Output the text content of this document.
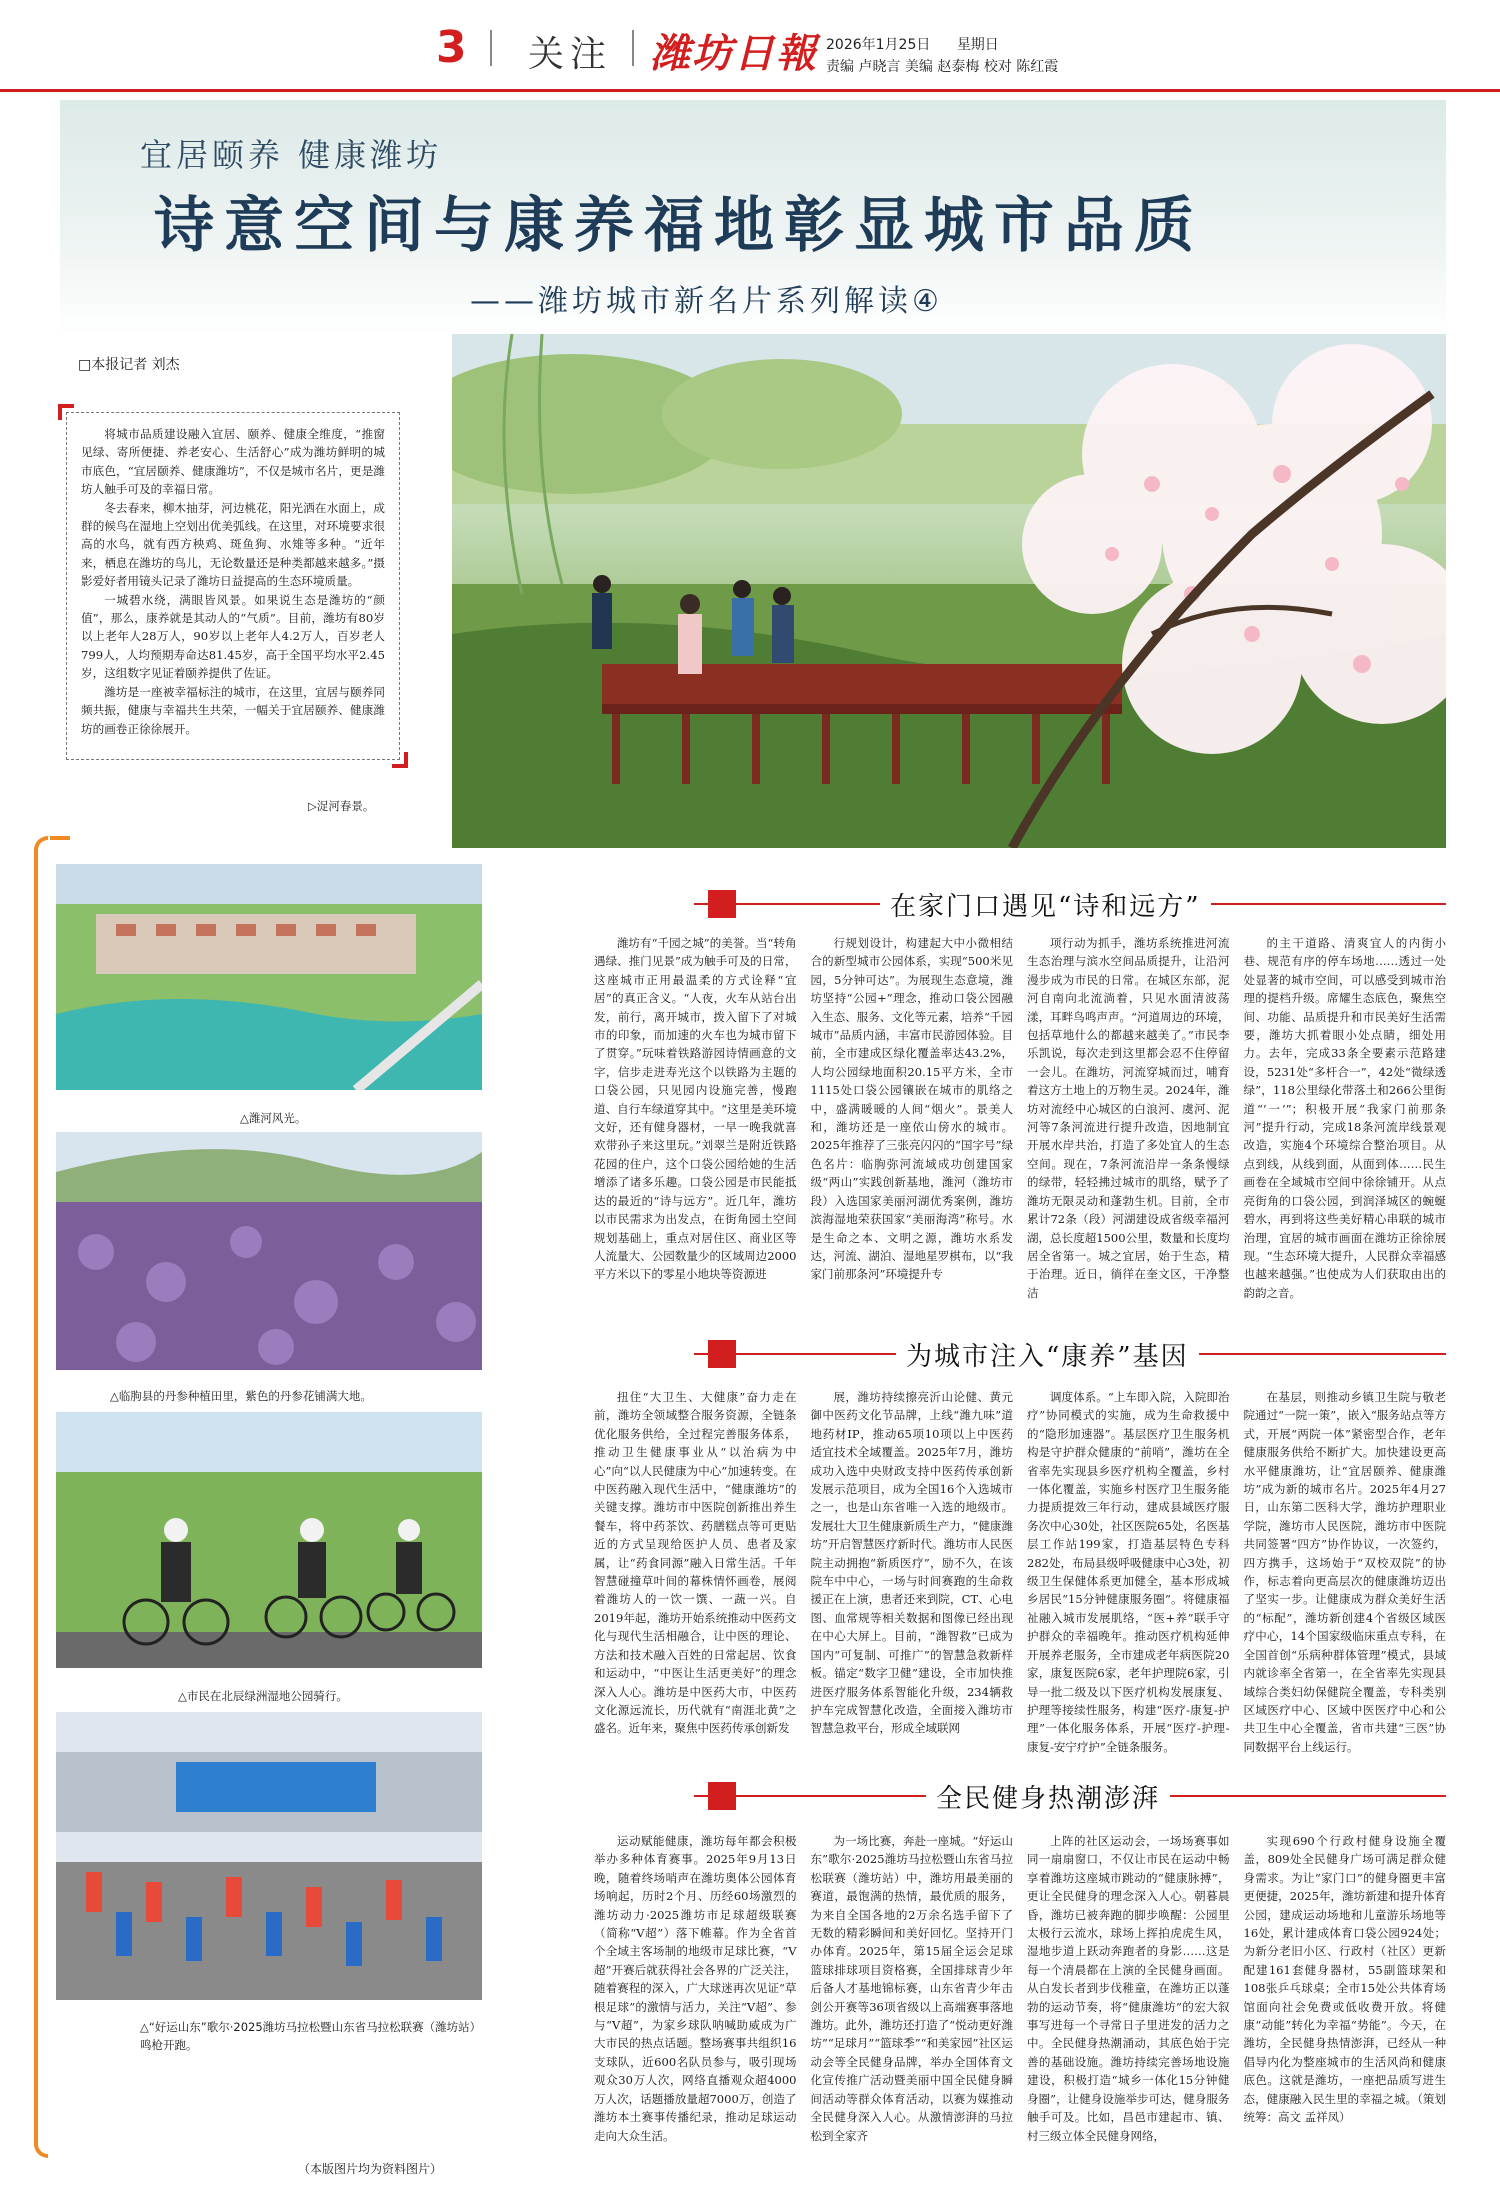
3 关注 潍坊日報 2026年1月25日 星期日
责编 卢晓言 美编 赵泰梅 校对 陈红霞
宜居颐养 健康潍坊
诗意空间与康养福地彰显城市品质
——潍坊城市新名片系列解读④
□本报记者 刘杰

将城市品质建设融入宜居、颐养、健康全维度，“推窗见绿、寄所便捷、养老安心、生活舒心”成为潍坊鲜明的城市底色，“宜居颐养、健康潍坊”，不仅是城市名片，更是潍坊人触手可及的幸福日常。

冬去春来，柳木抽芽，河边桃花，阳光洒在水面上，成群的候鸟在湿地上空划出优美弧线。在这里，对环境要求很高的水鸟，就有西方秧鸡、斑鱼狗、水雉等多种。“近年来，栖息在潍坊的鸟儿，无论数量还是种类都越来越多。”摄影爱好者用镜头记录了潍坊日益提高的生态环境质量。

一城碧水绕，满眼皆风景。如果说生态是潍坊的“颜值”，那么，康养就是其动人的“气质”。目前，潍坊有80岁以上老年人28万人，90岁以上老年人4.2万人，百岁老人799人，人均预期寿命达81.45岁，高于全国平均水平2.45岁，这组数字见证着颐养提供了佐证。

潍坊是一座被幸福标注的城市，在这里，宜居与颐养同频共振，健康与幸福共生共荣，一幅关于宜居颐养、健康潍坊的画卷正徐徐展开。

▷浞河春景。
△潍河风光。
△临朐县的丹参种植田里，紫色的丹参花铺满大地。
△市民在北辰绿洲湿地公园骑行。
△“好运山东”歌尔·2025潍坊马拉松暨山东省马拉松联赛（潍坊站）鸣枪开跑。
（本版图片均为资料图片）
在家门口遇见“诗和远方”

潍坊有“千园之城”的美誉。当“转角遇绿、推门见景”成为触手可及的日常，这座城市正用最温柔的方式诠释“宜居”的真正含义。“人夜，火车从站台出发，前行，离开城市，拨入留下了对城市的印象，而加速的火车也为城市留下了贯穿。”玩味着铁路游园诗情画意的文字，信步走进寿光这个以铁路为主题的口袋公园，只见园内设施完善，慢跑道、自行车绿道穿其中。“这里是美环境文好，还有健身器材，一早一晚我就喜欢带孙子来这里玩。”刘翠兰是附近铁路花园的住户，这个口袋公园给她的生活增添了诸多乐趣。口袋公园是市民能抵达的最近的“诗与远方”。近几年，潍坊以市民需求为出发点，在街角园土空间规划基础上，重点对居住区、商业区等人流量大、公园数量少的区域周边2000平方米以下的零星小地块等资源进

行规划设计，构建起大中小微相结合的新型城市公园体系，实现“500米见园，5分钟可达”。为展现生态意境，潍坊坚持“公园+”理念，推动口袋公园融入生态、服务、文化等元素，培养“千园城市”品质内涵，丰富市民游园体验。目前，全市建成区绿化覆盖率达43.2%，人均公园绿地面积20.15平方米，全市1115处口袋公园镶嵌在城市的肌络之中，盛满暖暖的人间“烟火”。景美人和，潍坊还是一座依山傍水的城市。2025年推荐了三张亮闪闪的“国字号”绿色名片：临朐弥河流域成功创建国家级“两山”实践创新基地，潍河（潍坊市段）入选国家美丽河湖优秀案例，潍坊滨海湿地荣获国家“美丽海湾”称号。水是生命之本、文明之源，潍坊水系发达，河流、湖泊、湿地星罗棋布，以“我家门前那条河”环境提升专

项行动为抓手，潍坊系统推进河流生态治理与滨水空间品质提升，让沿河漫步成为市民的日常。在城区东部，泥河自南向北流淌着，只见水面清波荡漾，耳畔鸟鸣声声。“河道周边的环境，包括草地什么的都越来越美了。”市民李乐凯说，每次走到这里都会忍不住停留一会儿。在潍坊，河流穿城而过，哺育着这方土地上的万物生灵。2024年，潍坊对流经中心城区的白浪河、虞河、泥河等7条河流进行提升改造，因地制宜开展水岸共治，打造了多处宜人的生态空间。现在，7条河流沿岸一条条慢绿的绿带，轻轻拂过城市的肌络，赋予了潍坊无限灵动和蓬勃生机。目前，全市累计72条（段）河湖建设成省级幸福河湖，总长度超1500公里，数量和长度均居全省第一。城之宜居，始于生态，精于治理。近日，徜徉在奎文区，干净整洁

的主干道路、清爽宜人的内街小巷、规范有序的停车场地……透过一处处显著的城市空间，可以感受到城市治理的提档升级。席耀生态底色，聚焦空间、功能、品质提升和市民美好生活需要，潍坊大抓着眼小处点睛，细处用力。去年，完成33条全要素示范路建设，5231处“多杆合一”，42处“微绿透绿”，118公里绿化带落土和266公里街道“‘一’”；积极开展“我家门前那条河”提升行动，完成18条河流岸线景观改造，实施4个环境综合整治项目。从点到线，从线到面，从面到体……民生画卷在全域城市空间中徐徐铺开。从点亮街角的口袋公园，到润泽城区的蜿蜒碧水，再到将这些美好精心串联的城市治理，宜居的城市画面在潍坊正徐徐展现。“生态环境大提升，人民群众幸福感也越来越强。”也使成为人们获取由出的韵韵之音。

为城市注入“康养”基因

扭住“大卫生、大健康”奋力走在前，潍坊全领域整合服务资源，全链条优化服务供给，全过程完善服务体系，推动卫生健康事业从“以治病为中心”向“以人民健康为中心”加速转变。在中医药融入现代生活中，“健康潍坊”的关键支撑。潍坊市中医院创新推出养生餐车，将中药茶饮、药膳糕点等可更贴近的方式呈现给医护人员、患者及家属，让“药食同源”融入日常生活。千年智慧碰撞草叶间的幕株情怀画卷，展阅着潍坊人的一饮一馔、一蔬一兴。自2019年起，潍坊开始系统推动中医药文化与现代生活相融合，让中医的理论、方法和技术融入百姓的日常起居、饮食和运动中，“中医让生活更美好”的理念深入人心。潍坊是中医药大市，中医药文化源远流长，历代就有“南涯北黄”之盛名。近年来，聚焦中医药传承创新发

展，潍坊持续擦亮沂山论健、黄元御中医药文化节品牌，上线“潍九味”道地药材IP，推动65项10项以上中医药适宜技术全域覆盖。2025年7月，潍坊成功入选中央财政支持中医药传承创新发展示范项目，成为全国16个入选城市之一，也是山东省唯一入选的地级市。发展壮大卫生健康新质生产力，“健康潍坊”开启智慧医疗新时代。潍坊市人民医院主动拥抱“新质医疗”，励不久，在该院车中中心，一场与时间赛跑的生命救援正在上演，患者还来到院，CT、心电图、血常规等相关数据和图像已经出现在中心大屏上。目前，“潍智救”已成为国内“可复制、可推广”的智慧急救新样板。锚定“数字卫健”建设，全市加快推进医疗服务体系智能化升级，234辆救护车完成智慧化改造，全面接入潍坊市智慧急救平台，形成全域联网

调度体系。“上车即入院，入院即治疗”协同模式的实施，成为生命救援中的“隐形加速器”。基层医疗卫生服务机构是守护群众健康的“前哨”，潍坊在全省率先实现县乡医疗机构全覆盖，乡村一体化覆盖，实施乡村医疗卫生服务能力提质提效三年行动，建成县域医疗服务次中心30处，社区医院65处，名医基层工作站199家，打造基层特色专科282处，布局县级呼吸健康中心3处，初级卫生保健体系更加健全，基本形成城乡居民“15分钟健康服务圈”。将健康福祉融入城市发展肌络，“医+养”联手守护群众的幸福晚年。推动医疗机构延伸开展养老服务，全市建成老年病医院20家，康复医院6家，老年护理院6家，引导一批二级及以下医疗机构发展康复、护理等接续性服务，构建“医疗-康复-护理”一体化服务体系，开展“医疗-护理-康复-安宁疗护”全链条服务。

在基层，则推动乡镇卫生院与敬老院通过“一院一策”，嵌入“服务站点等方式，开展“两院一体”紧密型合作，老年健康服务供给不断扩大。加快建设更高水平健康潍坊，让“宜居颐养、健康潍坊”成为新的城市名片。2025年4月27日，山东第二医科大学，潍坊护理职业学院，潍坊市人民医院，潍坊市中医院共同签署“四方”协作协议，一次签约，四方携手，这场始于“双校双院”的协作，标志着向更高层次的健康潍坊迈出了坚实一步。让健康成为群众美好生活的“标配”，潍坊新创建4个省级区域医疗中心，14个国家级临床重点专科，在全国首创“乐病种群体管理”模式，县域内就诊率全省第一，在全省率先实现县域综合类妇幼保健院全覆盖，专科类别区域医疗中心、区域中医医疗中心和公共卫生中心全覆盖，省市共建“三医”协同数据平台上线运行。

全民健身热潮澎湃

运动赋能健康，潍坊每年都会积极举办多种体育赛事。2025年9月13日晚，随着终场哨声在潍坊奥体公园体育场响起，历时2个月、历经60场激烈的潍坊动力·2025潍坊市足球超级联赛（简称“V超”）落下帷幕。作为全省首个全域主客场制的地级市足球比赛，“V超”开赛后就获得社会各界的广泛关注，随着赛程的深入，广大球迷再次见证“草根足球”的激情与活力，关注“V超”、参与“V超”，为家乡球队呐喊助威成为广大市民的热点话题。整场赛事共组织16支球队，近600名队员参与，吸引现场观众30万人次，网络直播观众超4000万人次，话题播放量超7000万，创造了潍坊本土赛事传播纪录，推动足球运动走向大众生活。

为一场比赛，奔赴一座城。“好运山东”歌尔·2025潍坊马拉松暨山东省马拉松联赛（潍坊站）中，潍坊用最美丽的赛道，最饱满的热情，最优质的服务，为来自全国各地的2万余名选手留下了无数的精彩瞬间和美好回忆。坚持开门办体育。2025年，第15届全运会足球篮球排球项目资格赛，全国排球青少年后备人才基地锦标赛，山东省青少年击剑公开赛等36项省级以上高端赛事落地潍坊。此外，潍坊还打造了“悦动更好潍坊”“足球月”“篮球季”“和美家园”社区运动会等全民健身品牌，举办全国体育文化宣传推广活动暨美丽中国全民健身瞬间活动等群众体育活动，以赛为媒推动全民健身深入人心。从激情澎湃的马拉松到全家齐

上阵的社区运动会，一场场赛事如同一扇扇窗口，不仅让市民在运动中畅享着潍坊这座城市跳动的“健康脉搏”，更让全民健身的理念深入人心。朝暮晨昏，潍坊已被奔跑的脚步唤醒：公园里太极行云流水，球场上挥拍虎虎生风，湿地步道上跃动奔跑者的身影……这是每一个清晨都在上演的全民健身画面。从白发长者到步伐稚童，在潍坊正以蓬勃的运动节奏，将“健康潍坊”的宏大叙事写进每一个寻常日子里进发的活力之中。全民健身热潮涌动，其底色始于完善的基础设施。潍坊持续完善场地设施建设，积极打造“城乡一体化15分钟健身圈”，让健身设施举步可达，健身服务触手可及。比如，昌邑市建起市、镇、村三级立体全民健身网络，

实现690个行政村健身设施全覆盖，809处全民健身广场可满足群众健身需求。为让“家门口”的健身圈更丰富更便捷，2025年，潍坊新建和提升体育公园，建成运动场地和儿童游乐场地等16处，累计建成体育口袋公园924处；为新分老旧小区、行政村（社区）更新配建161套健身器材，55副篮球架和108张乒乓球桌；全市15处公共体育场馆面向社会免费或低收费开放。将健康“动能”转化为幸福“势能”。今天，在潍坊，全民健身热情澎湃，已经从一种倡导内化为整座城市的生活风尚和健康底色。这就是潍坊，一座把品质写进生态，健康融入民生里的幸福之城。（策划统筹：高文 孟祥凤）
